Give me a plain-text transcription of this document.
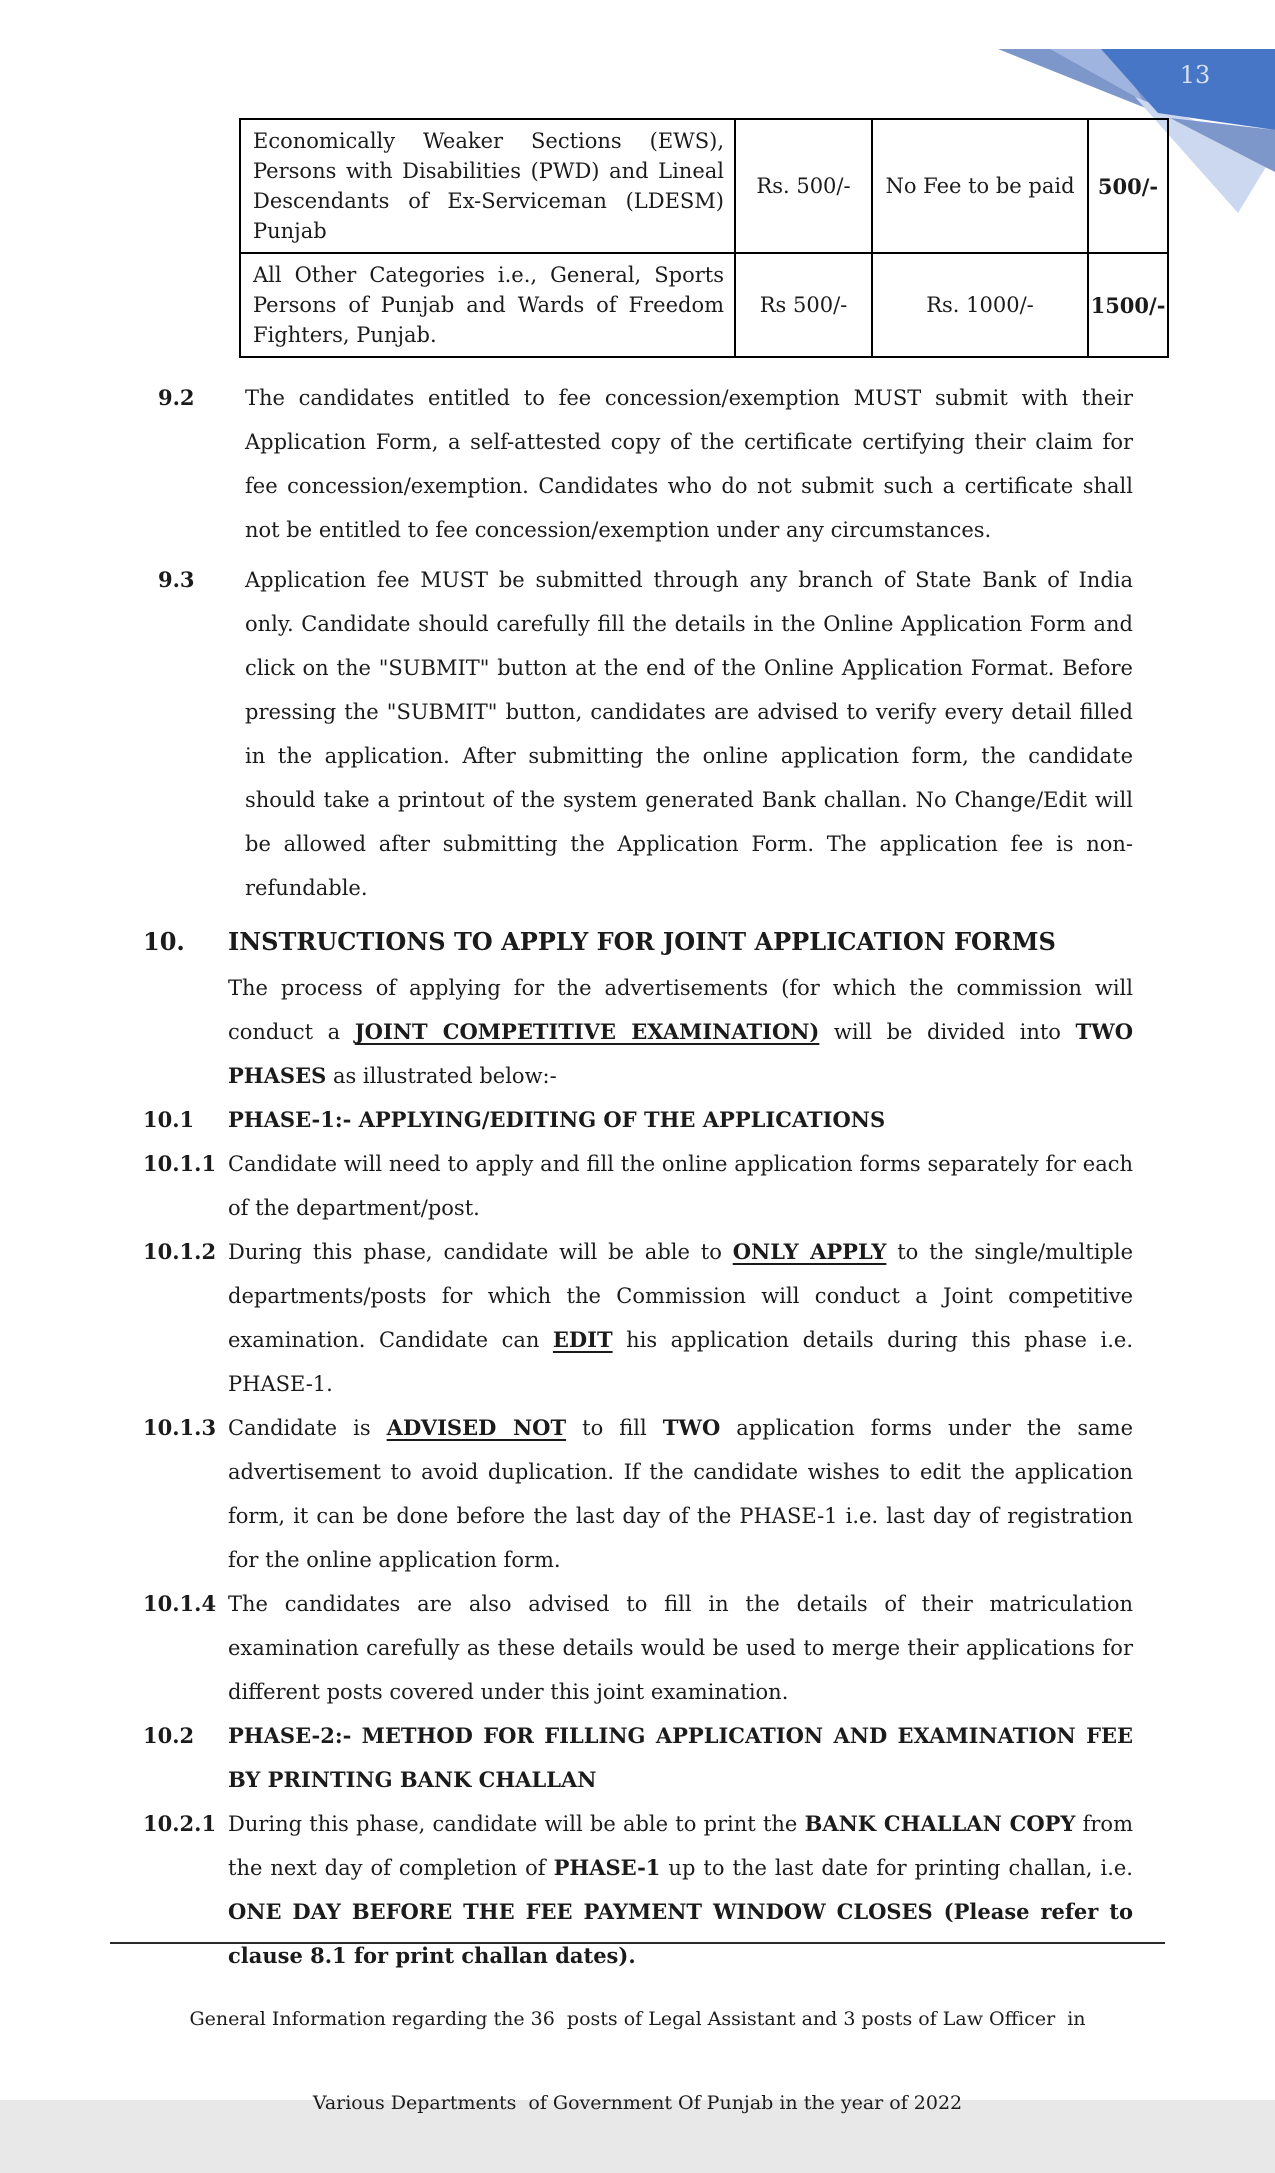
13
Economically Weaker Sections (EWS), Persons with Disabilities (PWD) and Lineal Descendants of Ex-Serviceman (LDESM) Punjab	Rs. 500/-	No Fee to be paid	500/-
All Other Categories i.e., General, Sports Persons of Punjab and Wards of Freedom Fighters, Punjab.	Rs 500/-	Rs. 1000/-	1500/-
9.2	The candidates entitled to fee concession/exemption MUST submit with their Application Form, a self-attested copy of the certificate certifying their claim for fee concession/exemption. Candidates who do not submit such a certificate shall not be entitled to fee concession/exemption under any circumstances.
9.3	Application fee MUST be submitted through any branch of State Bank of India only. Candidate should carefully fill the details in the Online Application Form and click on the "SUBMIT" button at the end of the Online Application Format. Before pressing the "SUBMIT" button, candidates are advised to verify every detail filled in the application. After submitting the online application form, the candidate should take a printout of the system generated Bank challan. No Change/Edit will be allowed after submitting the Application Form. The application fee is non-refundable.
10.	INSTRUCTIONS TO APPLY FOR JOINT APPLICATION FORMS
The process of applying for the advertisements (for which the commission will conduct a JOINT COMPETITIVE EXAMINATION) will be divided into TWO PHASES as illustrated below:-
10.1	PHASE-1:- APPLYING/EDITING OF THE APPLICATIONS
10.1.1 Candidate will need to apply and fill the online application forms separately for each of the department/post.
10.1.2 During this phase, candidate will be able to ONLY APPLY to the single/multiple departments/posts for which the Commission will conduct a Joint competitive examination. Candidate can EDIT his application details during this phase i.e. PHASE-1.
10.1.3 Candidate is ADVISED NOT to fill TWO application forms under the same advertisement to avoid duplication. If the candidate wishes to edit the application form, it can be done before the last day of the PHASE-1 i.e. last day of registration for the online application form.
10.1.4 The candidates are also advised to fill in the details of their matriculation examination carefully as these details would be used to merge their applications for different posts covered under this joint examination.
10.2	PHASE-2:- METHOD FOR FILLING APPLICATION AND EXAMINATION FEE BY PRINTING BANK CHALLAN
10.2.1 During this phase, candidate will be able to print the BANK CHALLAN COPY from the next day of completion of PHASE-1 up to the last date for printing challan, i.e. ONE DAY BEFORE THE FEE PAYMENT WINDOW CLOSES (Please refer to clause 8.1 for print challan dates).

General Information regarding the 36  posts of Legal Assistant and 3 posts of Law Officer  in

Various Departments  of Government Of Punjab in the year of 2022
